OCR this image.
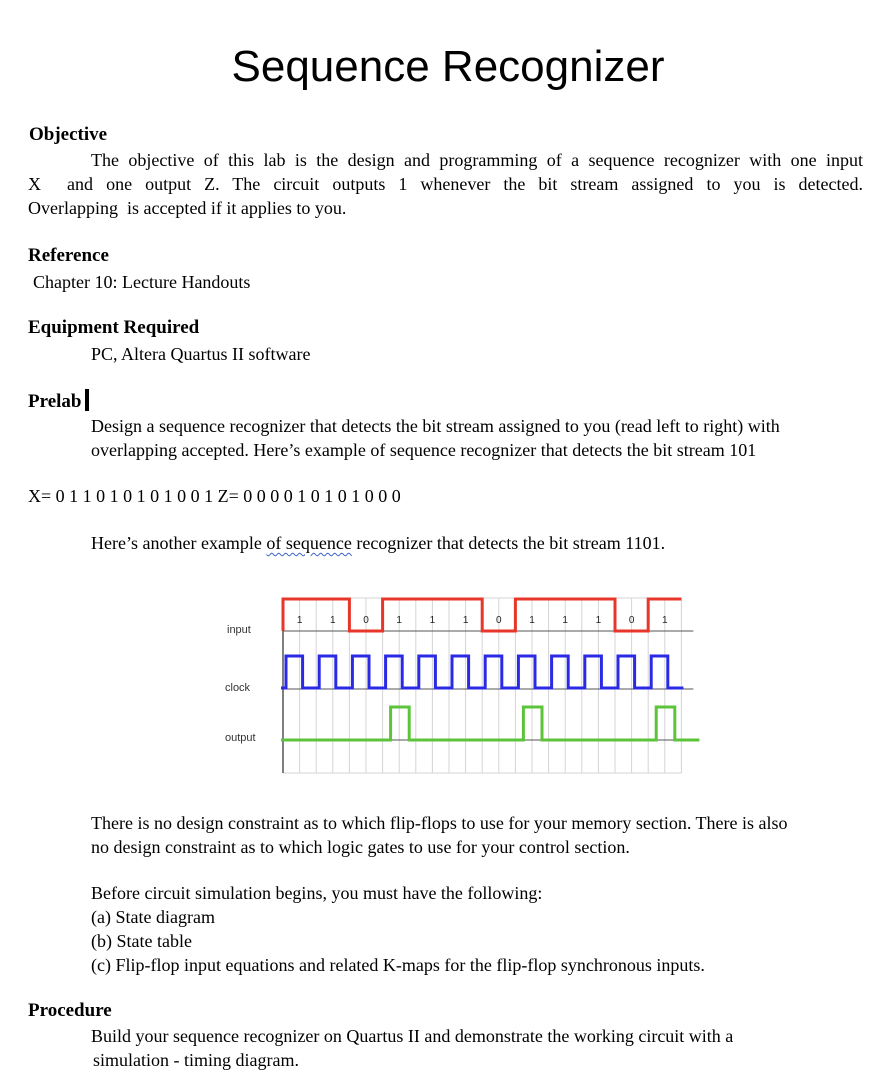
Sequence Recognizer
Objective
The objective of this lab is the design and programming of a sequence recognizer with one input
X  and one output Z. The circuit outputs 1 whenever the bit stream assigned to you is detected.
Overlapping  is accepted if it applies to you.
Reference
Chapter 10: Lecture Handouts
Equipment Required
PC, Altera Quartus II software
Prelab
Design a sequence recognizer that detects the bit stream assigned to you (read left to right) with
overlapping accepted. Here’s example of sequence recognizer that detects the bit stream 101
X= 0 1 1 0 1 0 1 0 1 0 0 1 Z= 0 0 0 0 1 0 1 0 1 0 0 0
Here’s another example of sequence recognizer that detects the bit stream 1101.
input
clock
output
1	1	0	1	1	1	0	1	1	1	0	1
There is no design constraint as to which flip-flops to use for your memory section. There is also
no design constraint as to which logic gates to use for your control section.
Before circuit simulation begins, you must have the following:
(a) State diagram
(b) State table
(c) Flip-flop input equations and related K-maps for the flip-flop synchronous inputs.
Procedure
Build your sequence recognizer on Quartus II and demonstrate the working circuit with a
simulation - timing diagram.
